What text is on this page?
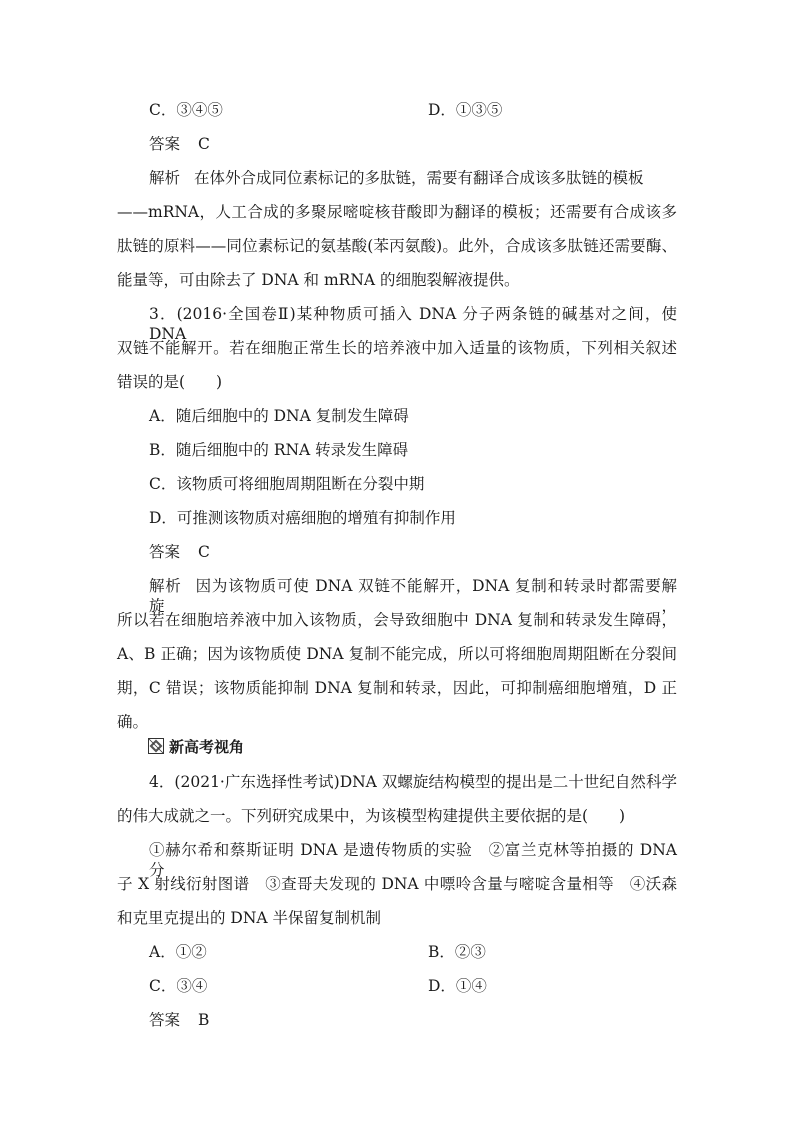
C．③④⑤	D．①③⑤
答案 C
解析 在体外合成同位素标记的多肽链，需要有翻译合成该多肽链的模板
——mRNA，人工合成的多聚尿嘧啶核苷酸即为翻译的模板；还需要有合成该多
肽链的原料——同位素标记的氨基酸(苯丙氨酸)。此外，合成该多肽链还需要酶、
能量等，可由除去了 DNA 和 mRNA 的细胞裂解液提供。
3．(2016·全国卷Ⅱ)某种物质可插入 DNA 分子两条链的碱基对之间，使 DNA
双链不能解开。若在细胞正常生长的培养液中加入适量的该物质，下列相关叙述
错误的是(　　)
A．随后细胞中的 DNA 复制发生障碍
B．随后细胞中的 RNA 转录发生障碍
C．该物质可将细胞周期阻断在分裂中期
D．可推测该物质对癌细胞的增殖有抑制作用
答案 C
解析 因为该物质可使 DNA 双链不能解开，DNA 复制和转录时都需要解旋，
所以若在细胞培养液中加入该物质，会导致细胞中 DNA 复制和转录发生障碍，
A、B 正确；因为该物质使 DNA 复制不能完成，所以可将细胞周期阻断在分裂间
期，C 错误；该物质能抑制 DNA 复制和转录，因此，可抑制癌细胞增殖，D 正
确。
新高考视角
4．(2021·广东选择性考试)DNA 双螺旋结构模型的提出是二十世纪自然科学
的伟大成就之一。下列研究成果中，为该模型构建提供主要依据的是(　　)
①赫尔希和蔡斯证明 DNA 是遗传物质的实验　②富兰克林等拍摄的 DNA 分
子 X 射线衍射图谱　③查哥夫发现的 DNA 中嘌呤含量与嘧啶含量相等　④沃森
和克里克提出的 DNA 半保留复制机制
A．①②	B．②③
C．③④	D．①④
答案 B
